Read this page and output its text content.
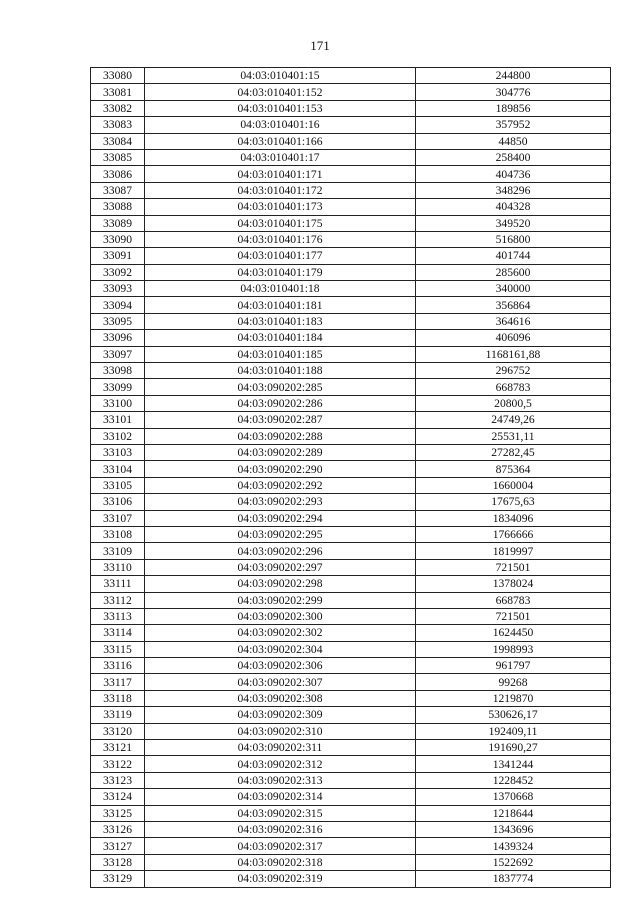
171
33080	04:03:010401:15	244800
33081	04:03:010401:152	304776
33082	04:03:010401:153	189856
33083	04:03:010401:16	357952
33084	04:03:010401:166	44850
33085	04:03:010401:17	258400
33086	04:03:010401:171	404736
33087	04:03:010401:172	348296
33088	04:03:010401:173	404328
33089	04:03:010401:175	349520
33090	04:03:010401:176	516800
33091	04:03:010401:177	401744
33092	04:03:010401:179	285600
33093	04:03:010401:18	340000
33094	04:03:010401:181	356864
33095	04:03:010401:183	364616
33096	04:03:010401:184	406096
33097	04:03:010401:185	1168161,88
33098	04:03:010401:188	296752
33099	04:03:090202:285	668783
33100	04:03:090202:286	20800,5
33101	04:03:090202:287	24749,26
33102	04:03:090202:288	25531,11
33103	04:03:090202:289	27282,45
33104	04:03:090202:290	875364
33105	04:03:090202:292	1660004
33106	04:03:090202:293	17675,63
33107	04:03:090202:294	1834096
33108	04:03:090202:295	1766666
33109	04:03:090202:296	1819997
33110	04:03:090202:297	721501
33111	04:03:090202:298	1378024
33112	04:03:090202:299	668783
33113	04:03:090202:300	721501
33114	04:03:090202:302	1624450
33115	04:03:090202:304	1998993
33116	04:03:090202:306	961797
33117	04:03:090202:307	99268
33118	04:03:090202:308	1219870
33119	04:03:090202:309	530626,17
33120	04:03:090202:310	192409,11
33121	04:03:090202:311	191690,27
33122	04:03:090202:312	1341244
33123	04:03:090202:313	1228452
33124	04:03:090202:314	1370668
33125	04:03:090202:315	1218644
33126	04:03:090202:316	1343696
33127	04:03:090202:317	1439324
33128	04:03:090202:318	1522692
33129	04:03:090202:319	1837774
